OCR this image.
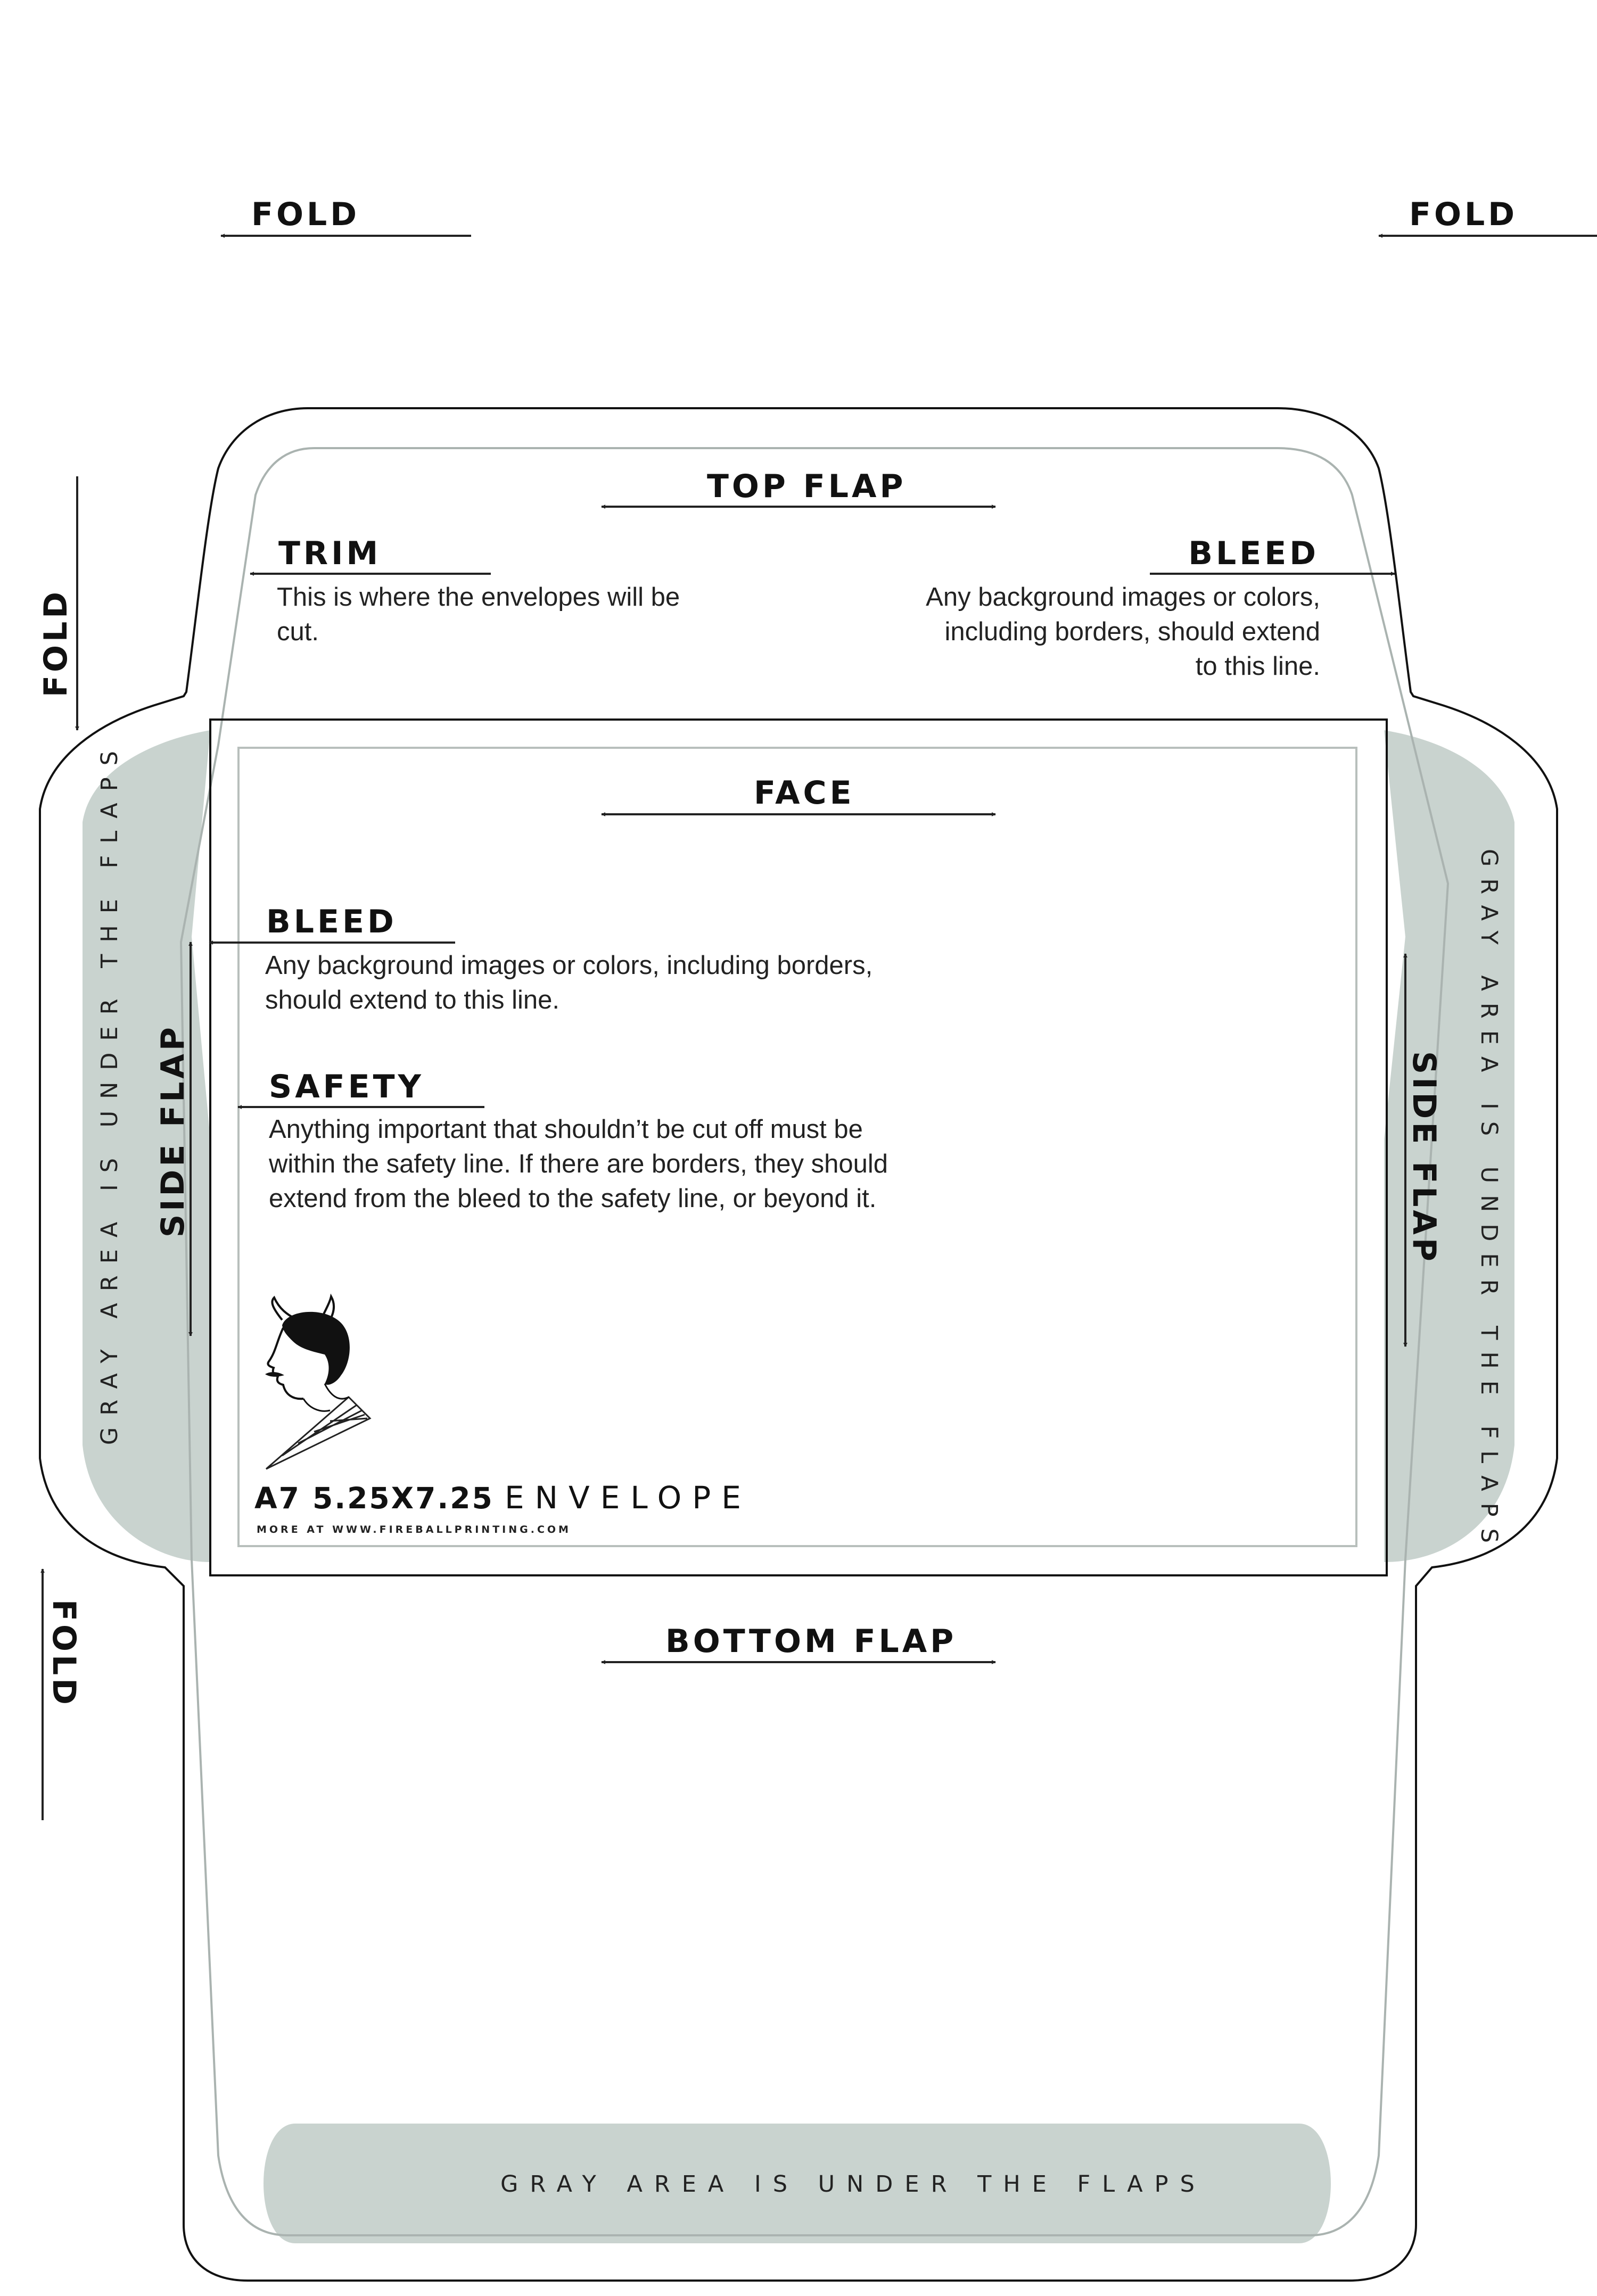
FOLD	FOLD
FOLD
FOLD
TOP FLAP
TRIM
This is where the envelopes will be
cut.
BLEED
Any background images or colors,
including borders, should extend
to this line.
FACE
BLEED
Any background images or colors, including borders,
should extend to this line.
SAFETY
Anything important that shouldn’t be cut off must be
within the safety line. If there are borders, they should
extend from the bleed to the safety line, or beyond it.
SIDE FLAP	SIDE FLAP
GRAY AREA IS UNDER THE FLAPS	GRAY AREA IS UNDER THE FLAPS
GRAY AREA IS UNDER THE FLAPS
A7 5.25X7.25 ENVELOPE
MORE AT WWW.FIREBALLPRINTING.COM
BOTTOM FLAP
